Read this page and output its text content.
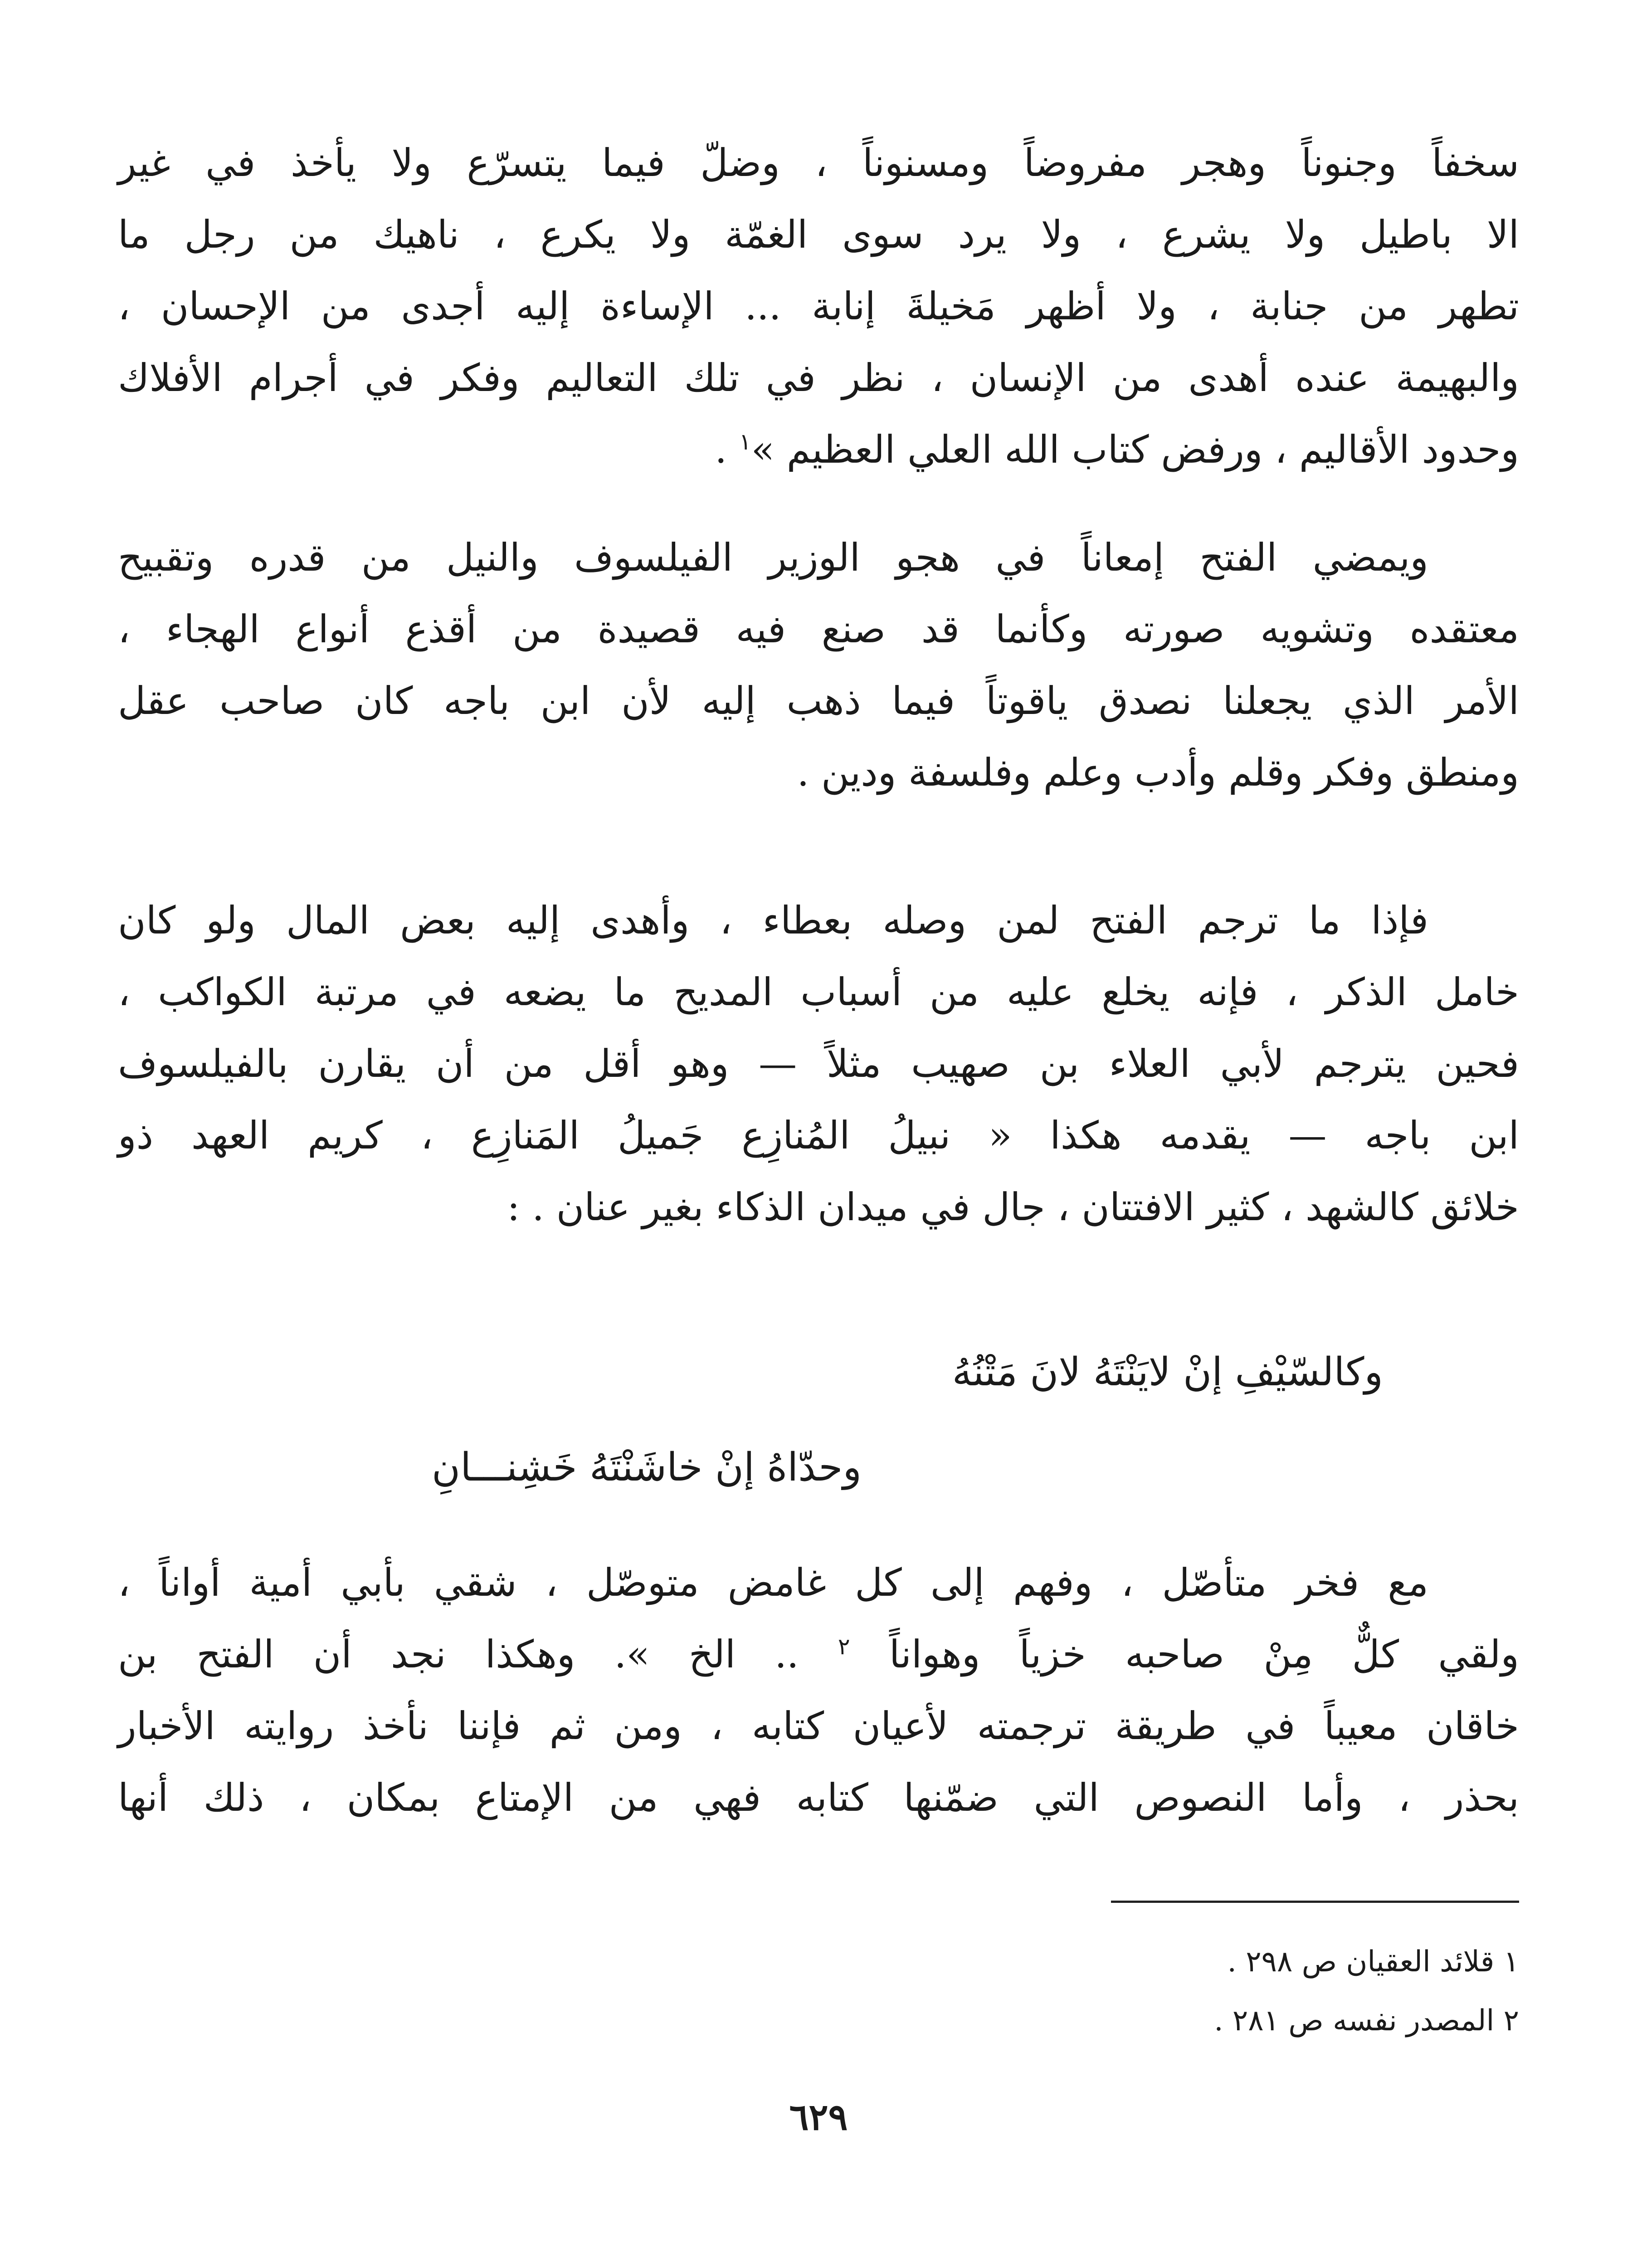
سخفاً وجنوناً وهجر مفروضاً ومسنوناً ، وضلّ فيما يتسرّع ولا يأخذ في غير
الا باطيل ولا يشرع ، ولا يرد سوى الغمّة ولا يكرع ، ناهيك من رجل ما
تطهر من جنابة ، ولا أظهر مَخيلةَ إنابة ... الإساءة إليه أجدى من الإحسان ،
والبهيمة عنده أهدى من الإنسان ، نظر في تلك التعاليم وفكر في أجرام الأفلاك
وحدود الأقاليم ، ورفض كتاب الله العلي العظيم »$^١$ .
ويمضي الفتح إمعاناً في هجو الوزير الفيلسوف والنيل من قدره وتقبيح
معتقده وتشويه صورته وكأنما قد صنع فيه قصيدة من أقذع أنواع الهجاء ،
الأمر الذي يجعلنا نصدق ياقوتاً فيما ذهب إليه لأن ابن باجه كان صاحب عقل
ومنطق وفكر وقلم وأدب وعلم وفلسفة ودين .
فإذا ما ترجم الفتح لمن وصله بعطاء ، وأهدى إليه بعض المال ولو كان
خامل الذكر ، فإنه يخلع عليه من أسباب المديح ما يضعه في مرتبة الكواكب ،
فحين يترجم لأبي العلاء بن صهيب مثلاً — وهو أقل من أن يقارن بالفيلسوف
ابن باجه — يقدمه هكذا « نبيلُ المُنازِع جَميلُ المَنازِع ، كريم العهد ذو
خلائق كالشهد ، كثير الافتتان ، جال في ميدان الذكاء بغير عنان . :
وكالسّيْفِ إنْ لايَنْتَهُ لانَ مَتْنُهُ
وحدّاهُ إنْ خاشَنْتَهُ خَشِنـــانِ
مع فخر متأصّل ، وفهم إلى كل غامض متوصّل ، شقي بأبي أمية أواناً ،
ولقي كلٌّ مِنْ صاحبه خزياً وهواناً $^٢$ .. الخ ». وهكذا نجد أن الفتح بن
خاقان معيباً في طريقة ترجمته لأعيان كتابه ، ومن ثم فإننا نأخذ روايته الأخبار
بحذر ، وأما النصوص التي ضمّنها كتابه فهي من الإمتاع بمكان ، ذلك أنها
١ قلائد العقيان ص ٢٩٨ .
٢ المصدر نفسه ص ٢٨١ .
٦٢٩
